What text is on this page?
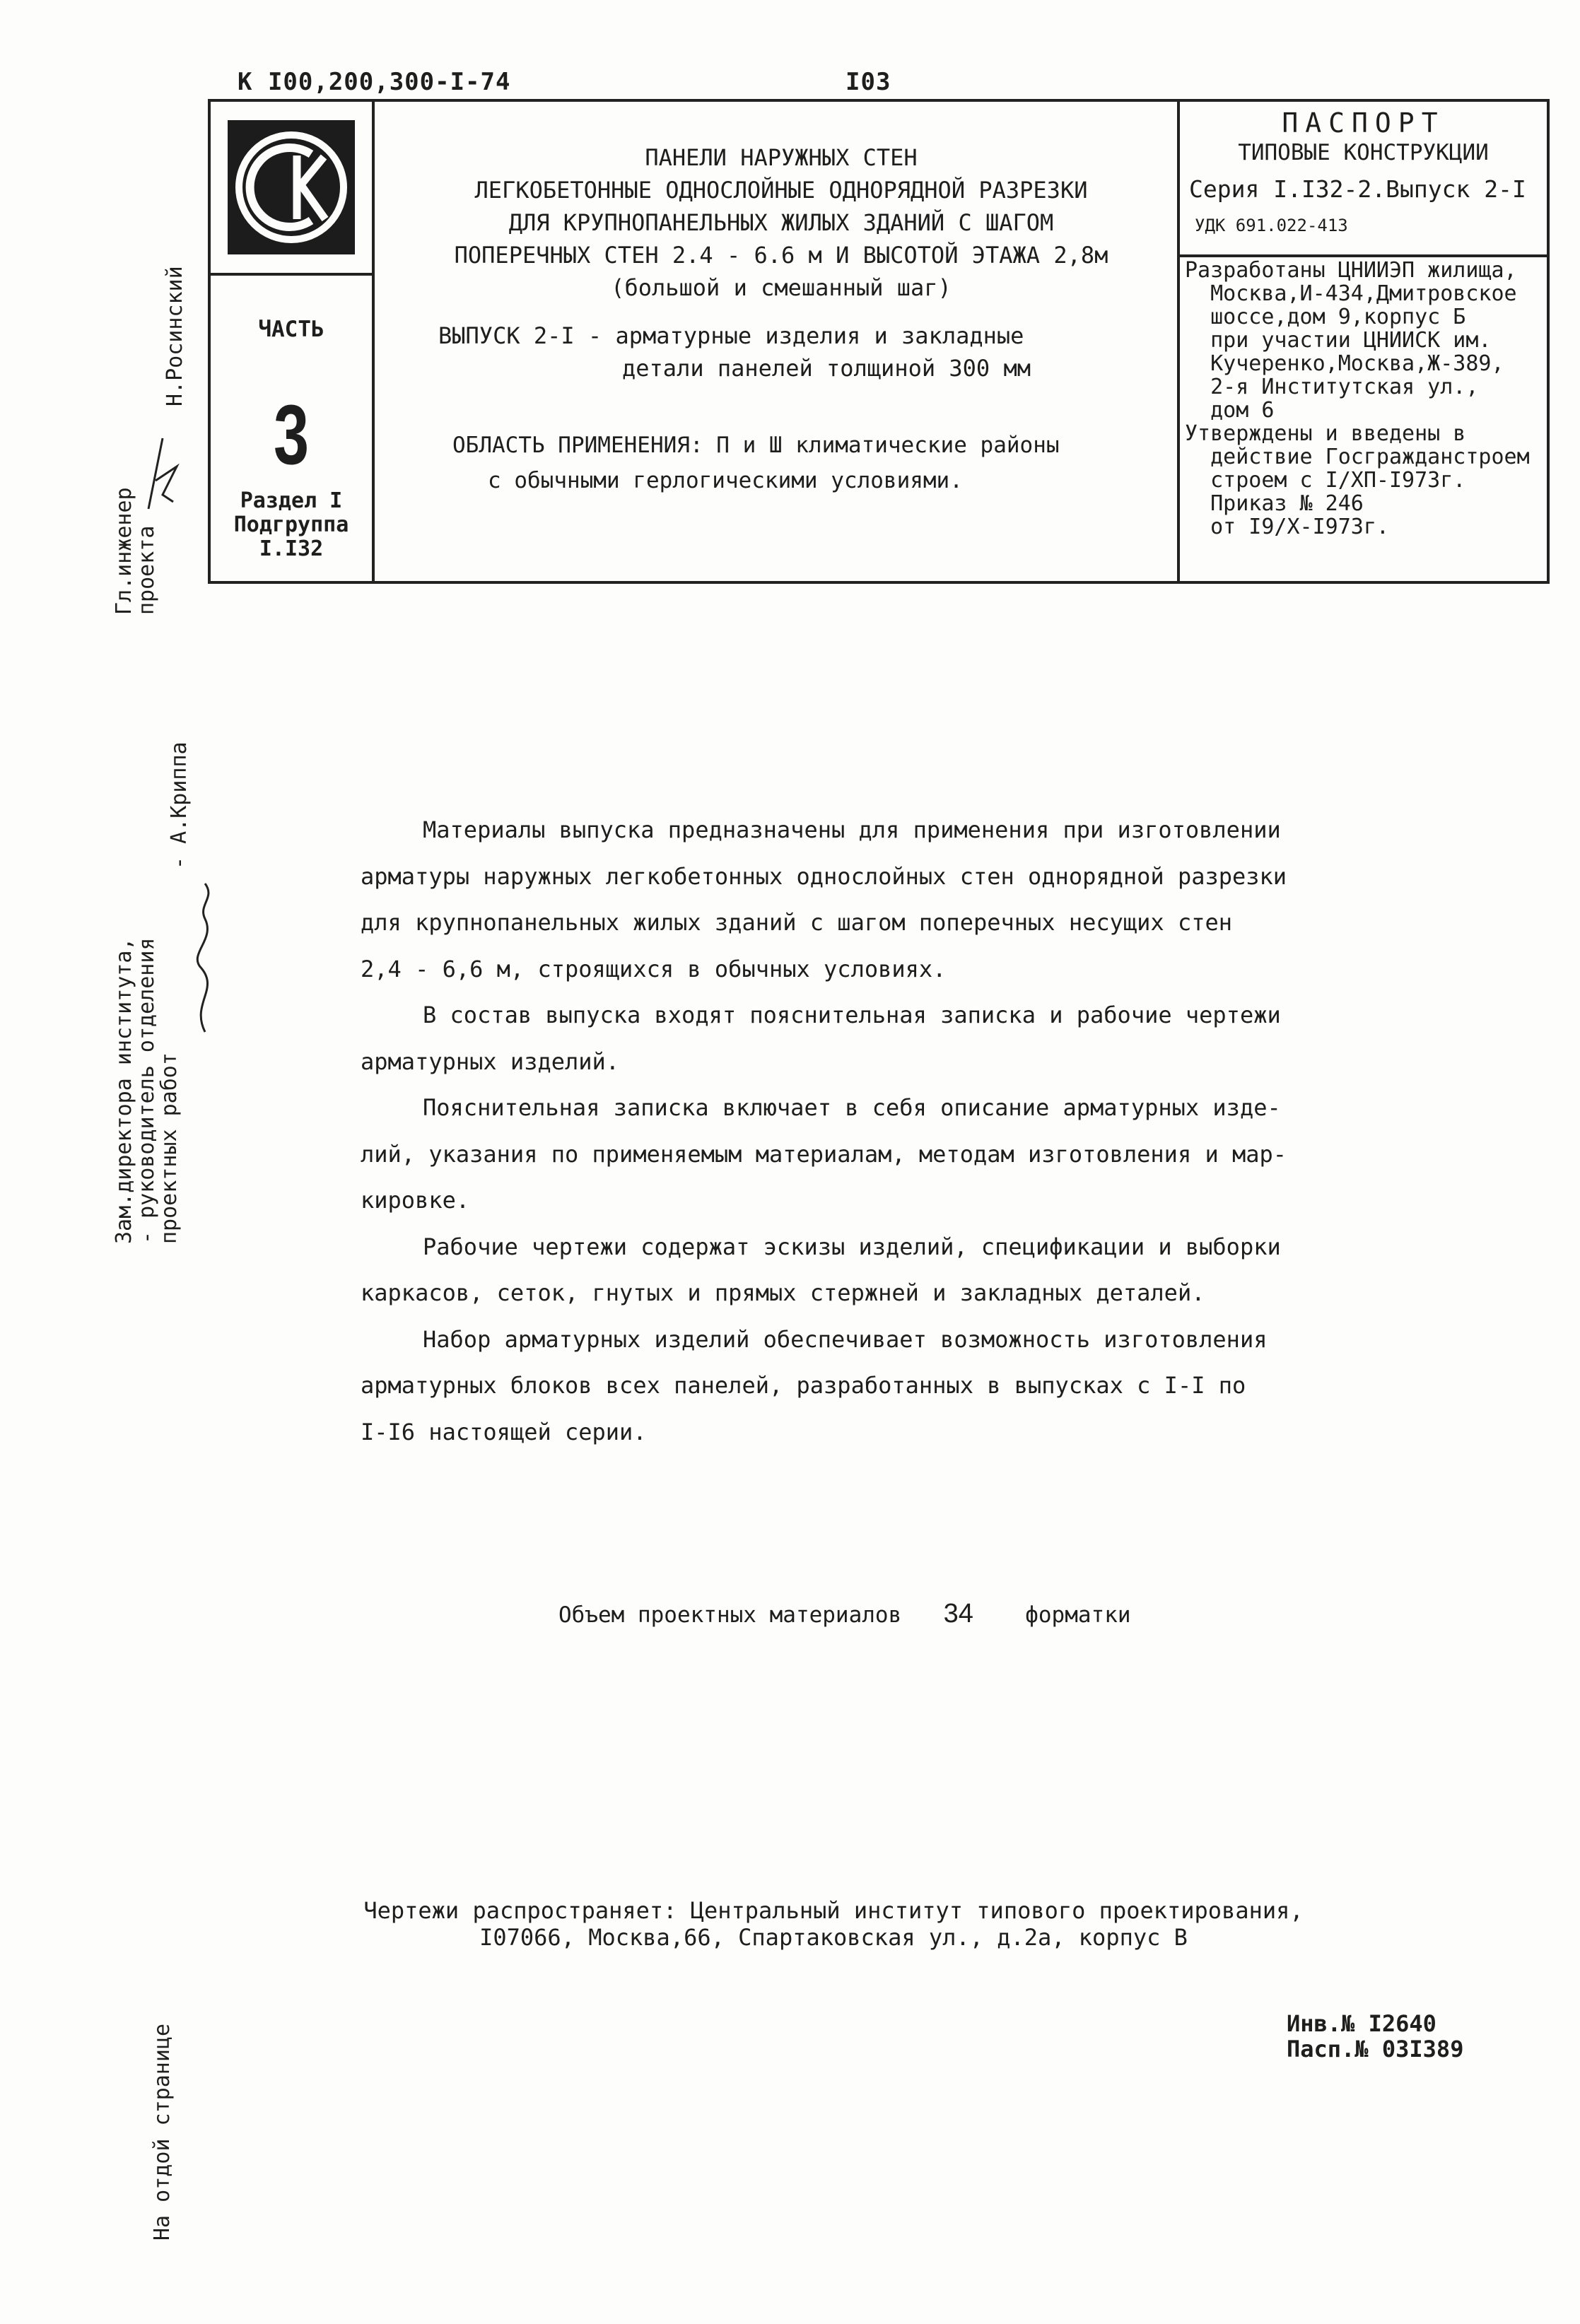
К I00,200,300-I-74	I03
ЧАСТЬ
3
Раздел I
Подгруппа
I.I32
ПАНЕЛИ НАРУЖНЫХ СТЕН
ЛЕГКОБЕТОННЫЕ ОДНОСЛОЙНЫЕ ОДНОРЯДНОЙ РАЗРЕЗКИ
ДЛЯ КРУПНОПАНЕЛЬНЫХ ЖИЛЫХ ЗДАНИЙ С ШАГОМ
ПОПЕРЕЧНЫХ СТЕН 2.4 - 6.6 м И ВЫСОТОЙ ЭТАЖА 2,8м
(большой и смешанный шаг)
ВЫПУСК 2-I - арматурные изделия и закладные
детали панелей толщиной 300 мм
ОБЛАСТЬ ПРИМЕНЕНИЯ: П и Ш климатические районы
с обычными герлогическими условиями.
ПАСПОРТ
ТИПОВЫЕ КОНСТРУКЦИИ
Серия I.I32-2.Выпуск 2-I
УДК 691.022-413
Разработаны ЦНИИЭП жилища,
Москва,И-434,Дмитровское
шоссе,дом 9,корпус Б
при участии ЦНИИСК им.
Кучеренко,Москва,Ж-389,
2-я Институтская ул.,
дом 6
Утверждены и введены в
действие Госгражданстроем
строем с I/XП-I973г.
Приказ № 246
от I9/X-I973г.
Гл.инженер
проекта
Н.Росинский
Зам.директора института,
- руководитель отделения
проектных работ
- А.Криппа
На отдой странице

Материалы выпуска предназначены для применения при изготовлении

арматуры наружных легкобетонных однослойных стен однорядной разрезки

для крупнопанельных жилых зданий с шагом поперечных несущих стен

2,4 - 6,6 м, строящихся в обычных условиях.

В состав выпуска входят пояснительная записка и рабочие чертежи

арматурных изделий.

Пояснительная записка включает в себя описание арматурных изде-

лий, указания по применяемым материалам, методам изготовления и мар-

кировке.

Рабочие чертежи содержат эскизы изделий, спецификации и выборки

каркасов, сеток, гнутых и прямых стержней и закладных деталей.

Набор арматурных изделий обеспечивает возможность изготовления

арматурных блоков всех панелей, разработанных в выпусках с I-I по

I-I6 настоящей серии.

Объем проектных материалов 34 форматки
Чертежи распространяет: Центральный институт типового проектирования,
I07066, Москва,66, Спартаковская ул., д.2а, корпус В
Инв.№ I2640
Пасп.№ 03I389
